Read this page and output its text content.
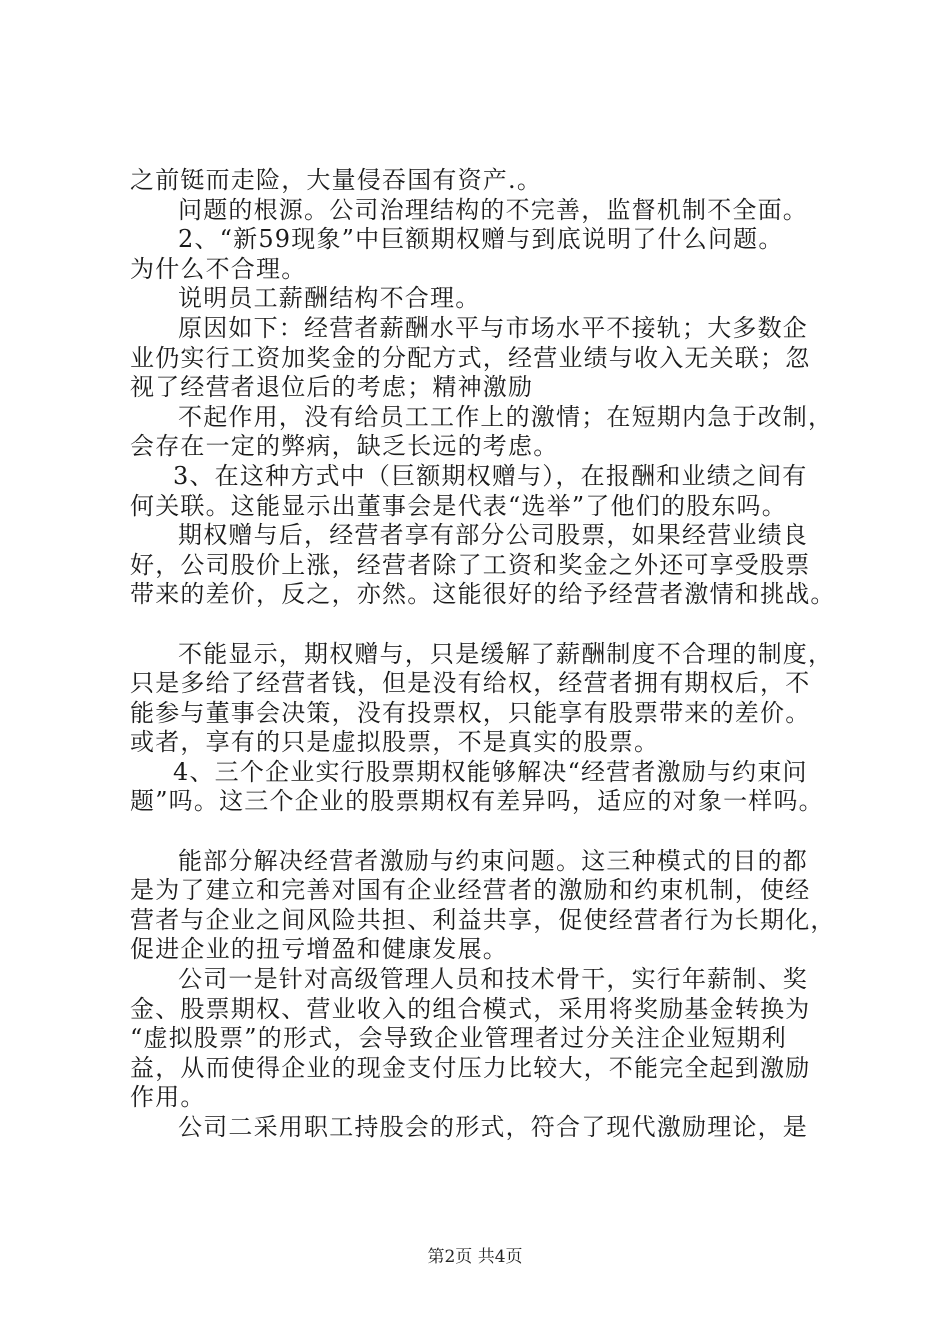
之前铤而走险，大量侵吞国有资产.。
问题的根源。公司治理结构的不完善，监督机制不全面。
2、“新59现象”中巨额期权赠与到底说明了什么问题。
为什么不合理。
说明员工薪酬结构不合理。
原因如下：经营者薪酬水平与市场水平不接轨；大多数企
业仍实行工资加奖金的分配方式，经营业绩与收入无关联；忽
视了经营者退位后的考虑；精神激励
不起作用，没有给员工工作上的激情；在短期内急于改制，
会存在一定的弊病，缺乏长远的考虑。
3、在这种方式中（巨额期权赠与），在报酬和业绩之间有
何关联。这能显示出董事会是代表“选举”了他们的股东吗。
期权赠与后，经营者享有部分公司股票，如果经营业绩良
好，公司股价上涨，经营者除了工资和奖金之外还可享受股票
带来的差价，反之，亦然。这能很好的给予经营者激情和挑战。
不能显示，期权赠与，只是缓解了薪酬制度不合理的制度，
只是多给了经营者钱，但是没有给权，经营者拥有期权后，不
能参与董事会决策，没有投票权，只能享有股票带来的差价。
或者，享有的只是虚拟股票，不是真实的股票。
4、三个企业实行股票期权能够解决“经营者激励与约束问
题”吗。这三个企业的股票期权有差异吗，适应的对象一样吗。
能部分解决经营者激励与约束问题。这三种模式的目的都
是为了建立和完善对国有企业经营者的激励和约束机制，使经
营者与企业之间风险共担、利益共享，促使经营者行为长期化，
促进企业的扭亏增盈和健康发展。
公司一是针对高级管理人员和技术骨干，实行年薪制、奖
金、股票期权、营业收入的组合模式，采用将奖励基金转换为
“虚拟股票”的形式，会导致企业管理者过分关注企业短期利
益，从而使得企业的现金支付压力比较大，不能完全起到激励
作用。
公司二采用职工持股会的形式，符合了现代激励理论，是
第2页 共4页
